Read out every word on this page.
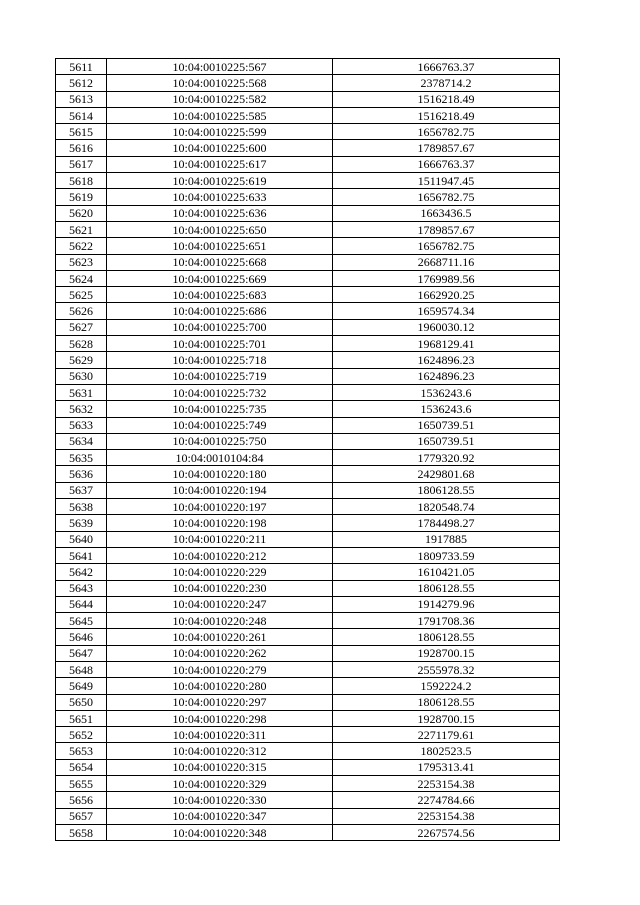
5611	10:04:0010225:567	1666763.37
5612	10:04:0010225:568	2378714.2
5613	10:04:0010225:582	1516218.49
5614	10:04:0010225:585	1516218.49
5615	10:04:0010225:599	1656782.75
5616	10:04:0010225:600	1789857.67
5617	10:04:0010225:617	1666763.37
5618	10:04:0010225:619	1511947.45
5619	10:04:0010225:633	1656782.75
5620	10:04:0010225:636	1663436.5
5621	10:04:0010225:650	1789857.67
5622	10:04:0010225:651	1656782.75
5623	10:04:0010225:668	2668711.16
5624	10:04:0010225:669	1769989.56
5625	10:04:0010225:683	1662920.25
5626	10:04:0010225:686	1659574.34
5627	10:04:0010225:700	1960030.12
5628	10:04:0010225:701	1968129.41
5629	10:04:0010225:718	1624896.23
5630	10:04:0010225:719	1624896.23
5631	10:04:0010225:732	1536243.6
5632	10:04:0010225:735	1536243.6
5633	10:04:0010225:749	1650739.51
5634	10:04:0010225:750	1650739.51
5635	10:04:0010104:84	1779320.92
5636	10:04:0010220:180	2429801.68
5637	10:04:0010220:194	1806128.55
5638	10:04:0010220:197	1820548.74
5639	10:04:0010220:198	1784498.27
5640	10:04:0010220:211	1917885
5641	10:04:0010220:212	1809733.59
5642	10:04:0010220:229	1610421.05
5643	10:04:0010220:230	1806128.55
5644	10:04:0010220:247	1914279.96
5645	10:04:0010220:248	1791708.36
5646	10:04:0010220:261	1806128.55
5647	10:04:0010220:262	1928700.15
5648	10:04:0010220:279	2555978.32
5649	10:04:0010220:280	1592224.2
5650	10:04:0010220:297	1806128.55
5651	10:04:0010220:298	1928700.15
5652	10:04:0010220:311	2271179.61
5653	10:04:0010220:312	1802523.5
5654	10:04:0010220:315	1795313.41
5655	10:04:0010220:329	2253154.38
5656	10:04:0010220:330	2274784.66
5657	10:04:0010220:347	2253154.38
5658	10:04:0010220:348	2267574.56
